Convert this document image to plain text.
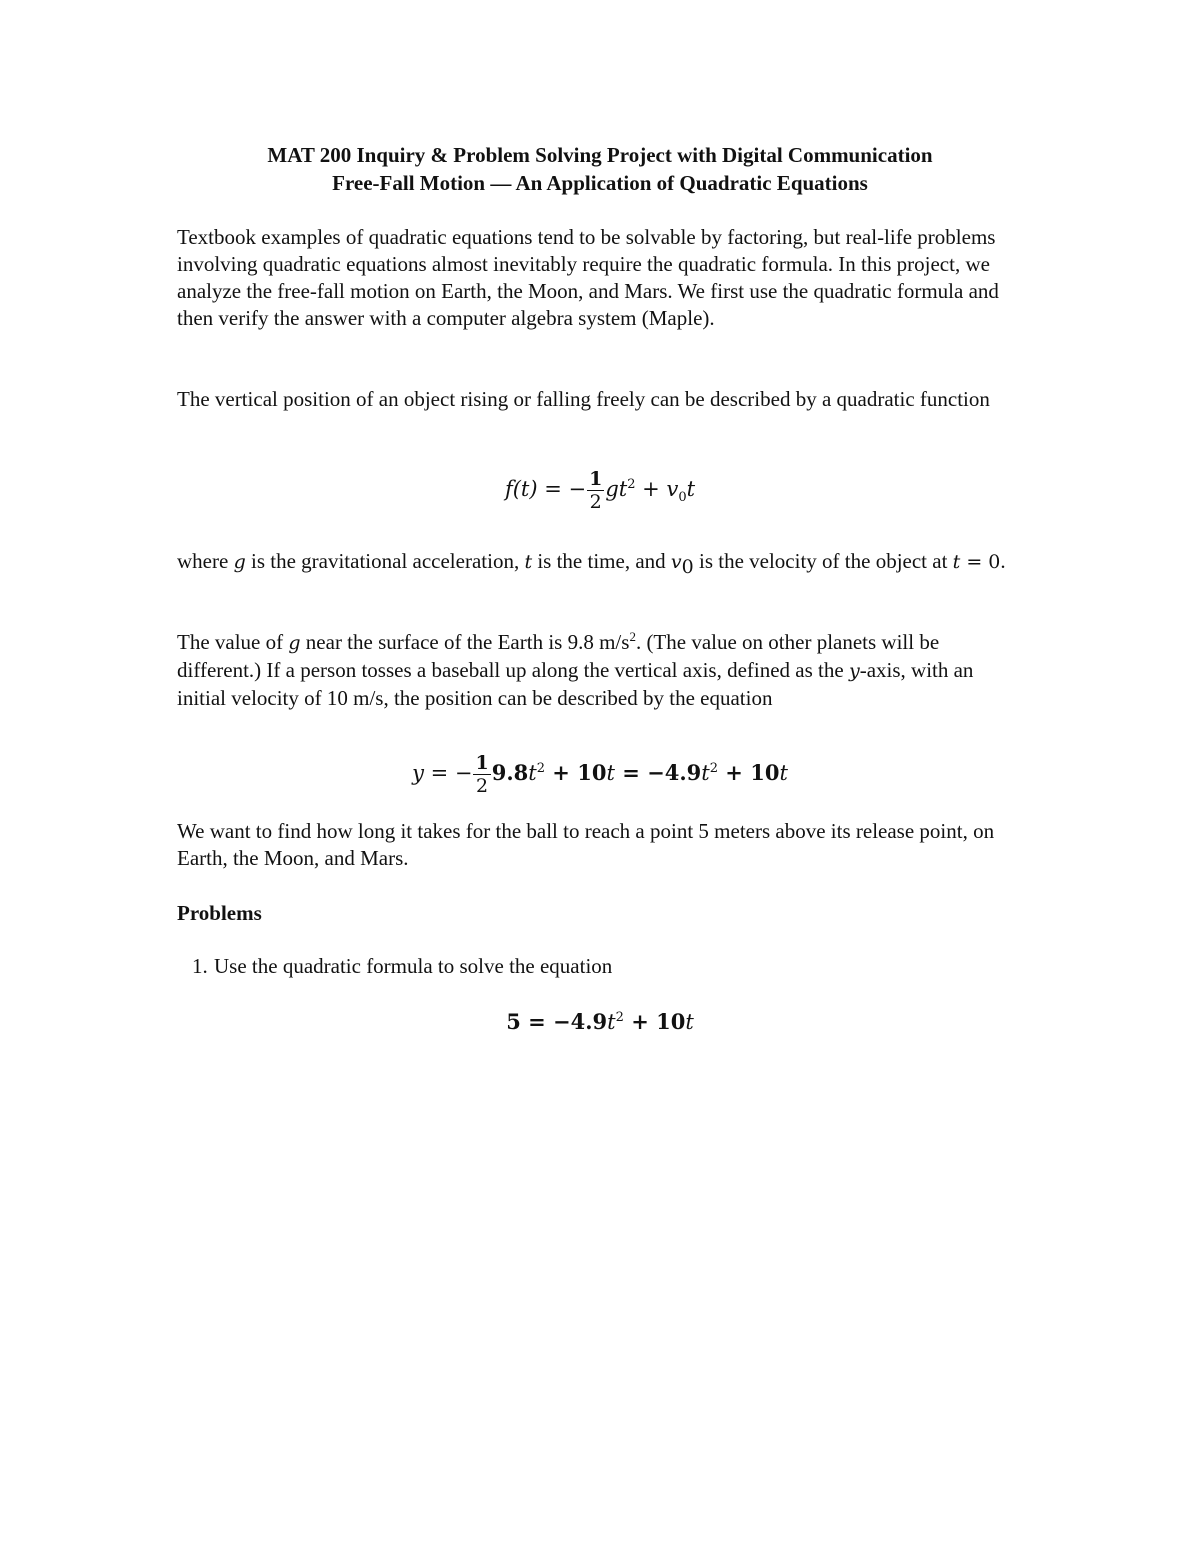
MAT 200 Inquiry & Problem Solving Project with Digital Communication
Free-Fall Motion — An Application of Quadratic Equations
Textbook examples of quadratic equations tend to be solvable by factoring, but real-life problems involving quadratic equations almost inevitably require the quadratic formula. In this project, we analyze the free-fall motion on Earth, the Moon, and Mars. We first use the quadratic formula and then verify the answer with a computer algebra system (Maple).
The vertical position of an object rising or falling freely can be described by a quadratic function
f(t) = − $\frac{1}{2} gt^2 + v_0t$
where g is the gravitational acceleration, t is the time, and $v_0$ is the velocity of the object at t = 0.
The value of g near the surface of the Earth is 9.8 $m/s^2$. (The value on other planets will be different.) If a person tosses a baseball up along the vertical axis, defined as the y-axis, with an initial velocity of 10 m/s, the position can be described by the equation
y = − $\frac{1}{2} 9.8t^2 + 10t = -4.9t^2 + 10t$
We want to find how long it takes for the ball to reach a point 5 meters above its release point, on Earth, the Moon, and Mars.
Problems
1. Use the quadratic formula to solve the equation
$5 = -4.9t^2 + 10t$
